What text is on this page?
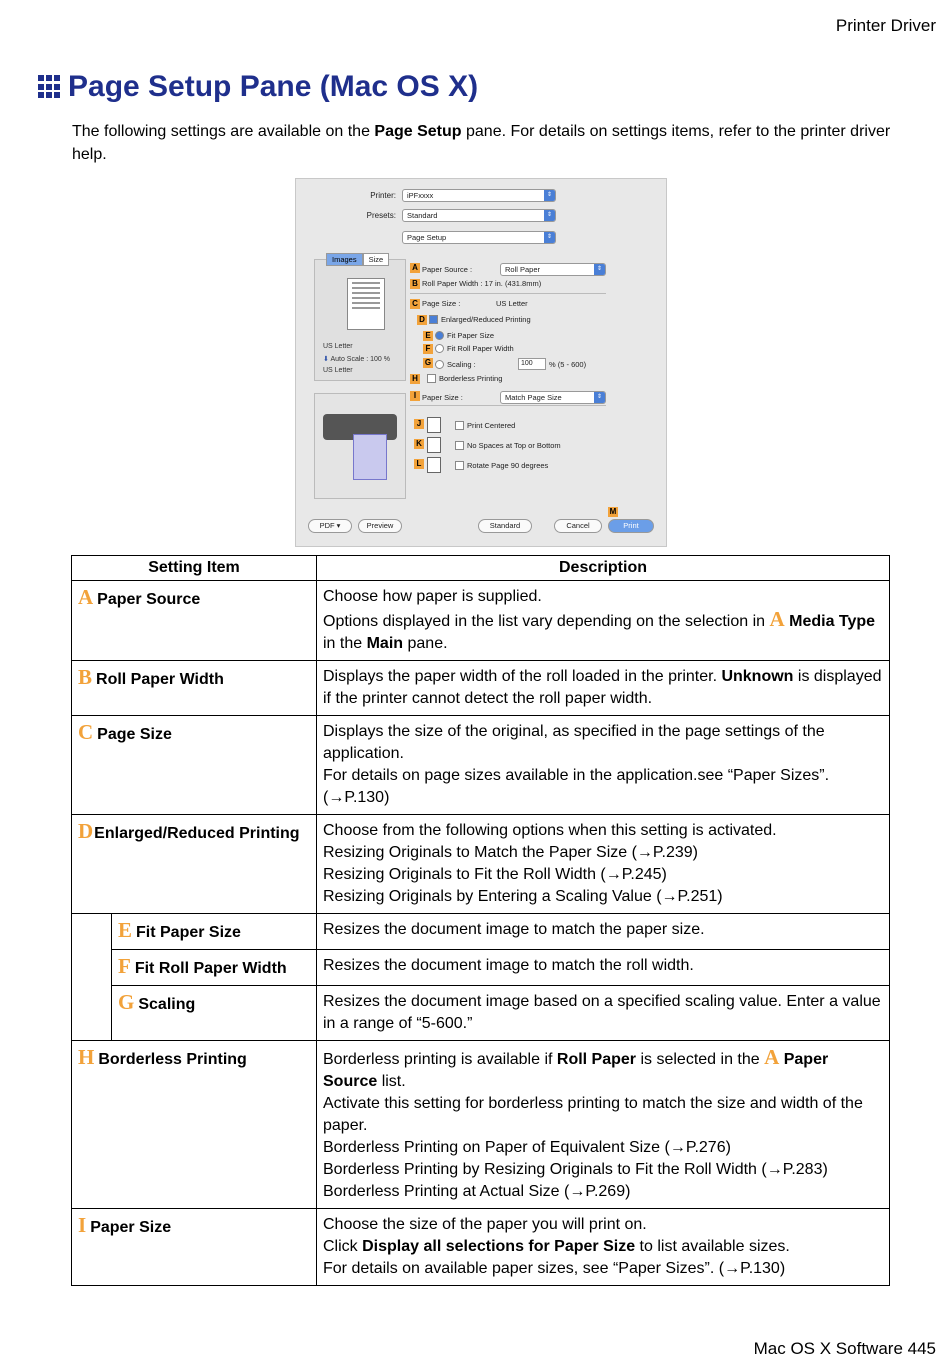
Printer Driver
Page Setup Pane (Mac OS X)
The following settings are available on the Page Setup pane. For details on settings items, refer to the printer driver help.
Printer:	iPFxxxx	⇕
Presets:	Standard	⇕
Page Setup	⇕
US Letter
⬇ Auto Scale : 100 %
US Letter
Images	Size
A Paper Source :	Roll Paper	⇕
B Roll Paper Width : 17 in. (431.8mm)
C Page Size :	US Letter
D Enlarged/Reduced Printing
E	Fit Paper Size
F	Fit Roll Paper Width
G Scaling :	100	% (5 - 600)
H	Borderless Printing
I Paper Size :	Match Page Size	⇕
J	Print Centered
K	No Spaces at Top or Bottom
L	Rotate Page 90 degrees
PDF ▾	Preview	Standard	Cancel
M
Print
Setting Item		Description
A Paper Source		Choose how paper is supplied.
Options displayed in the list vary depending on the selection in A Media Type in the Main pane.

B Roll Paper Width		Displays the paper width of the roll loaded in the printer. Unknown is displayed if the printer cannot detect the roll paper width.
C Page Size		Displays the size of the original, as specified in the page settings of the application.
For details on page sizes available in the application.see “Paper Sizes”. (→P.130)

DEnlarged/Reduced Printing		Choose from the following options when this setting is activated.
Resizing Originals to Match the Paper Size (→P.239)
Resizing Originals to Fit the Roll Width (→P.245)
Resizing Originals by Entering a Scaling Value (→P.251)

	E Fit Paper Size	Resizes the document image to match the paper size.
	F Fit Roll Paper Width	Resizes the document image to match the roll width.
	G Scaling	Resizes the document image based on a specified scaling value. Enter a value in a range of “5-600.”
H Borderless Printing		Borderless printing is available if Roll Paper is selected in the A Paper Source list.
Activate this setting for borderless printing to match the size and width of the paper.
Borderless Printing on Paper of Equivalent Size (→P.276)
Borderless Printing by Resizing Originals to Fit the Roll Width (→P.283)
Borderless Printing at Actual Size (→P.269)

I Paper Size		Choose the size of the paper you will print on.
Click Display all selections for Paper Size to list available sizes.
For details on available paper sizes, see “Paper Sizes”. (→P.130)
Mac OS X Software 445
